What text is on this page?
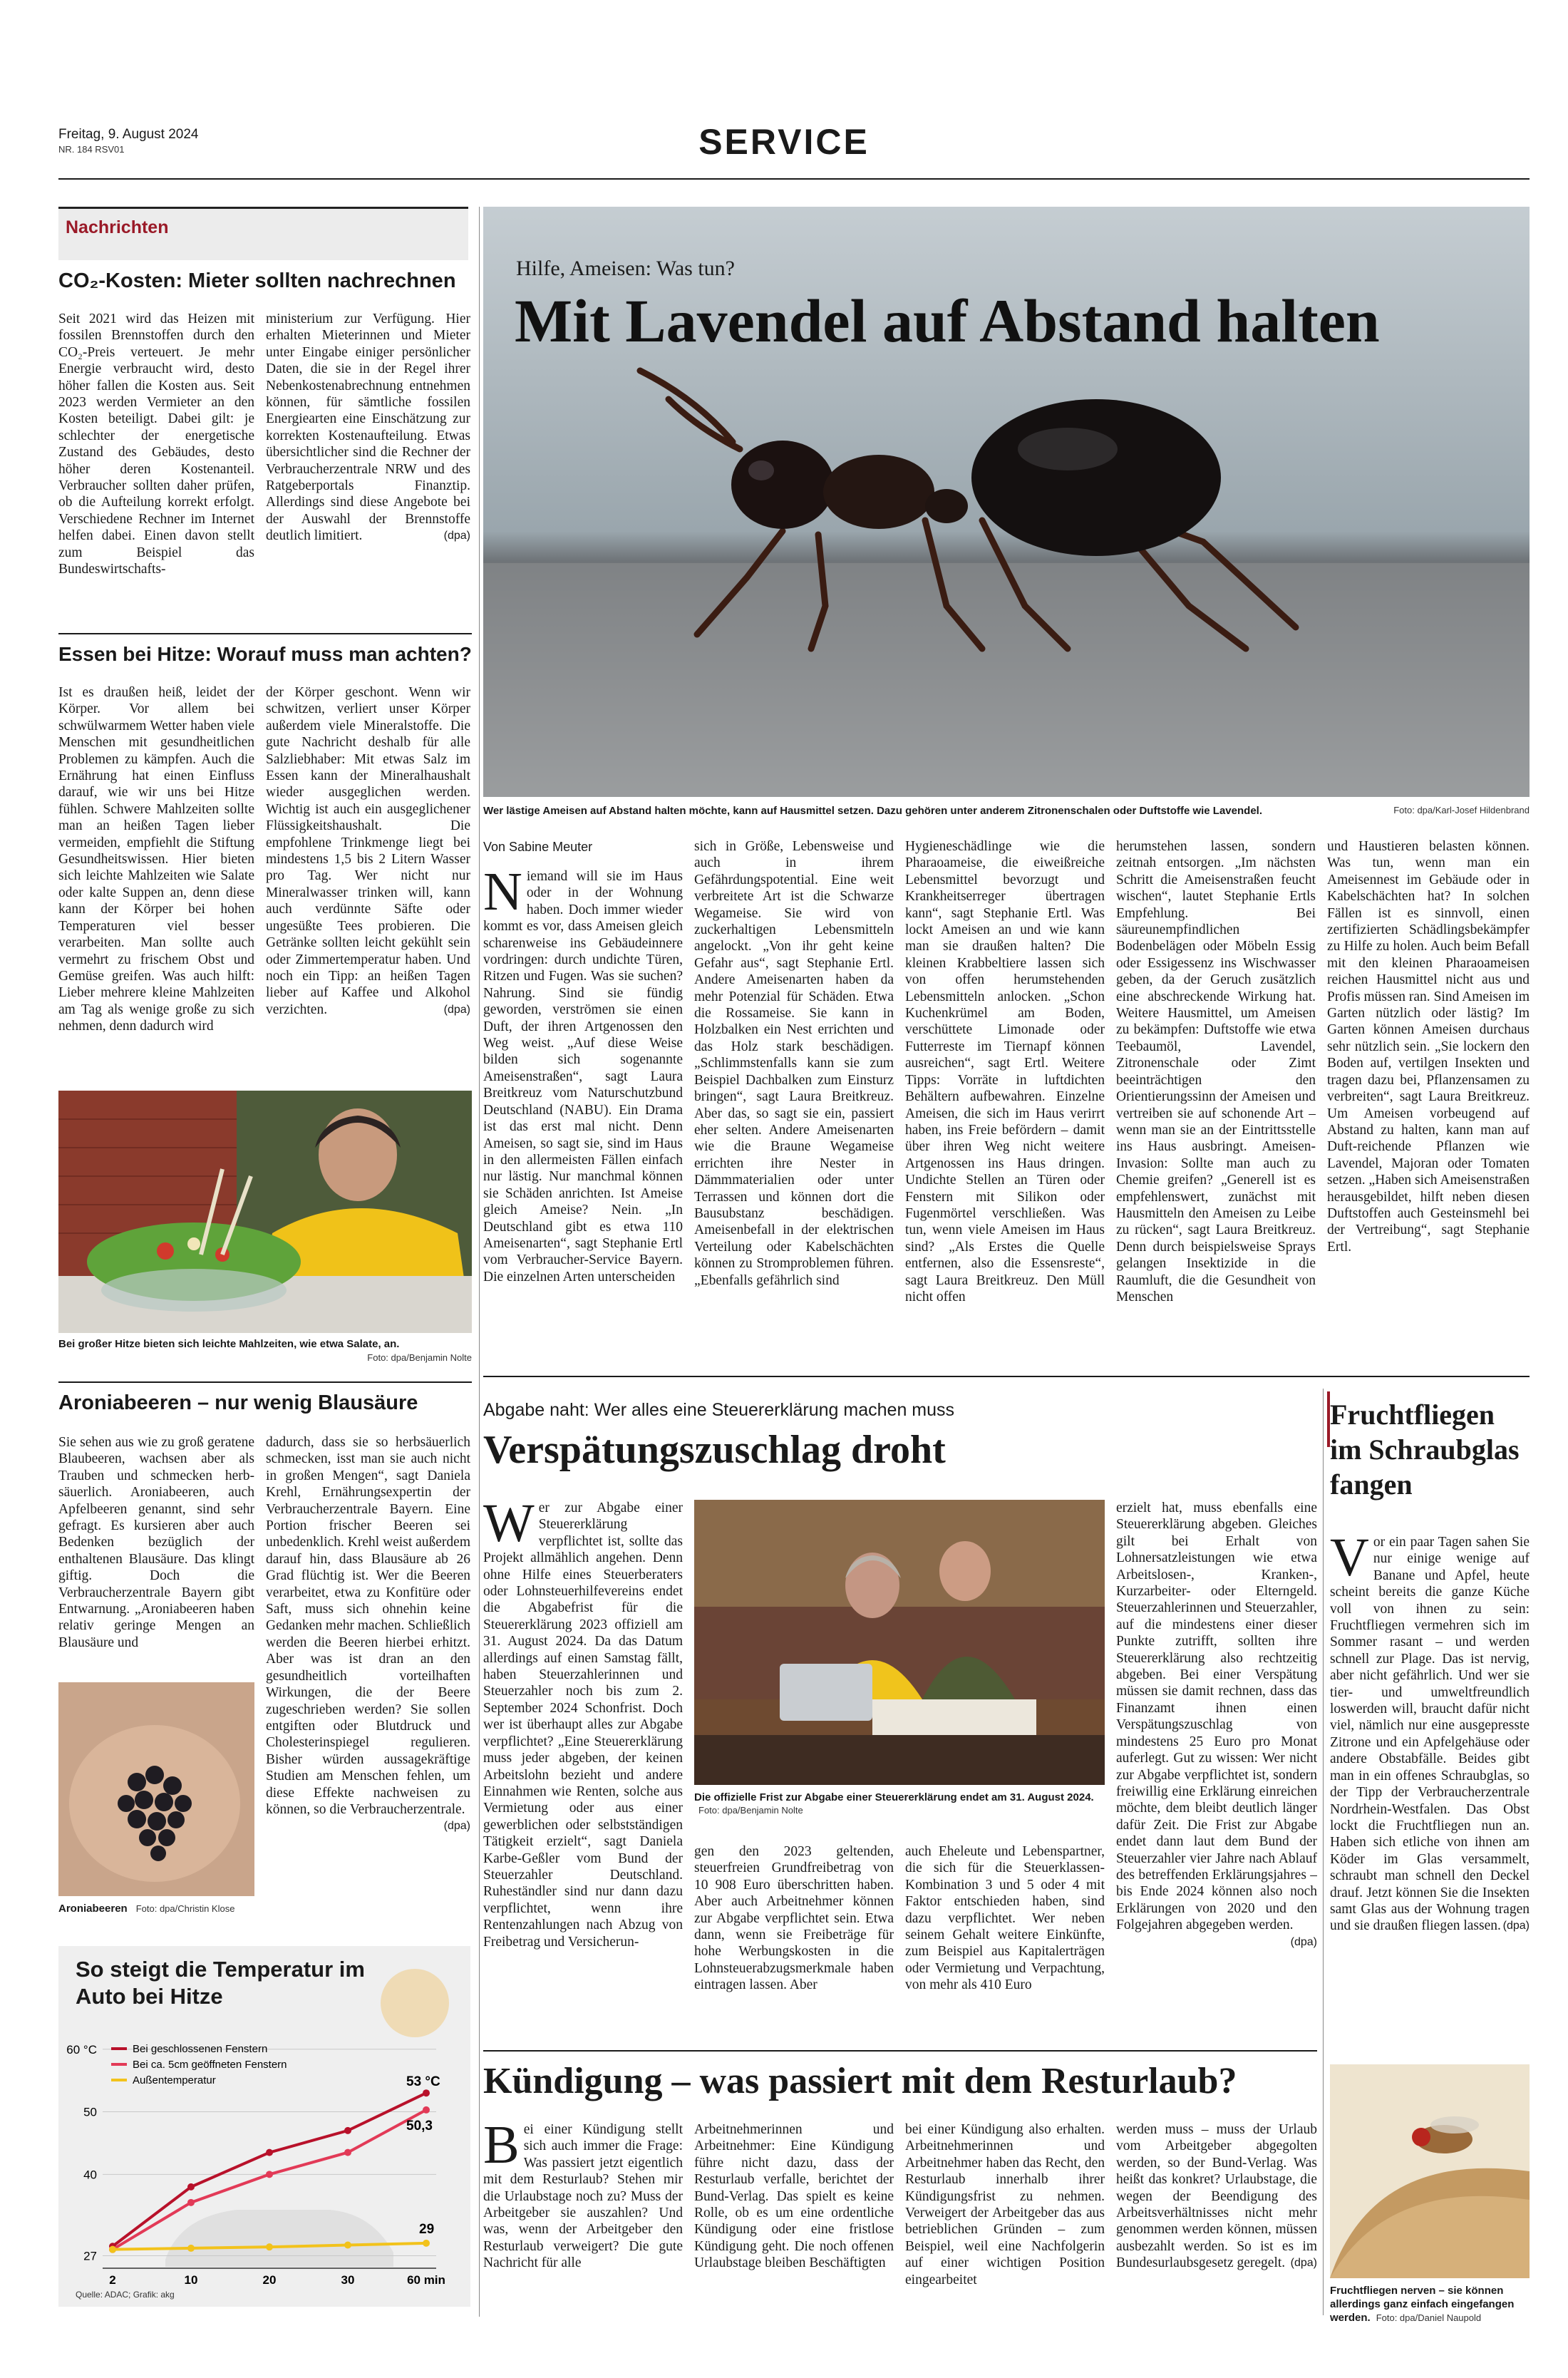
Freitag, 9. August 2024
NR. 184 RSV01	SERVICE
Nachrichten
CO₂-Kosten: Mieter sollten nachrechnen

Seit 2021 wird das Heizen mit fossilen Brennstoffen durch den CO₂-Preis verteuert. Je mehr Energie verbraucht wird, desto höher fallen die Kosten aus. Seit 2023 werden Vermieter an den Kosten beteiligt. Dabei gilt: je schlechter der energetische Zustand des Gebäudes, desto höher deren Kostenanteil. Verbraucher sollten daher prüfen, ob die Aufteilung korrekt erfolgt. Verschiedene Rechner im Internet helfen dabei. Einen davon stellt zum Beispiel das Bundeswirtschafts-

ministerium zur Verfügung. Hier erhalten Mieterinnen und Mieter unter Eingabe einiger persönlicher Daten, die sie in der Regel ihrer Nebenkostenabrechnung entnehmen können, für sämtliche fossilen Energiearten eine Einschätzung zur korrekten Kostenaufteilung. Etwas übersichtlicher sind die Rechner der Verbraucherzentrale NRW und des Ratgeberportals Finanztip. Allerdings sind diese Angebote bei der Auswahl der Brennstoffe deutlich limitiert.	(dpa)

Essen bei Hitze: Worauf muss man achten?

Ist es draußen heiß, leidet der Körper. Vor allem bei schwülwarmem Wetter haben viele Menschen mit gesundheitlichen Problemen zu kämpfen. Auch die Ernährung hat einen Einfluss darauf, wie wir uns bei Hitze fühlen. Schwere Mahlzeiten sollte man an heißen Tagen lieber vermeiden, empfiehlt die Stiftung Gesundheitswissen. Hier bieten sich leichte Mahlzeiten wie Salate oder kalte Suppen an, denn diese kann der Körper bei hohen Temperaturen viel besser verarbeiten. Man sollte auch vermehrt zu frischem Obst und Gemüse greifen. Was auch hilft: Lieber mehrere kleine Mahlzeiten am Tag als wenige große zu sich nehmen, denn dadurch wird

der Körper geschont. Wenn wir schwitzen, verliert unser Körper außerdem viele Mineralstoffe. Die gute Nachricht deshalb für alle Salzliebhaber: Mit etwas Salz im Essen kann der Mineralhaushalt wieder ausgeglichen werden. Wichtig ist auch ein ausgeglichener Flüssigkeitshaushalt. Die empfohlene Trinkmenge liegt bei mindestens 1,5 bis 2 Litern Wasser pro Tag. Wer nicht nur Mineralwasser trinken will, kann auch verdünnte Säfte oder ungesüßte Tees probieren. Die Getränke sollten leicht gekühlt sein oder Zimmertemperatur haben. Und noch ein Tipp: an heißen Tagen lieber auf Kaffee und Alkohol verzichten.	(dpa)

Bei großer Hitze bieten sich leichte Mahlzeiten, wie etwa Salate, an.
Foto: dpa/Benjamin Nolte
Aroniabeeren – nur wenig Blausäure

Sie sehen aus wie zu groß geratene Blaubeeren, wachsen aber als Trauben und schmecken herb-säuerlich. Aroniabeeren, auch Apfelbeeren genannt, sind sehr gefragt. Es kursieren aber auch Bedenken bezüglich der enthaltenen Blausäure. Das klingt giftig. Doch die Verbraucherzentrale Bayern gibt Entwarnung. „Aroniabeeren haben relativ geringe Mengen an Blausäure und

dadurch, dass sie so herbsäuerlich schmecken, isst man sie auch nicht in großen Mengen“, sagt Daniela Krehl, Ernährungsexpertin der Verbraucherzentrale Bayern. Eine Portion frischer Beeren sei unbedenklich. Krehl weist außerdem darauf hin, dass Blausäure ab 26 Grad flüchtig ist. Wer die Beeren verarbeitet, etwa zu Konfitüre oder Saft, muss sich ohnehin keine Gedanken mehr machen. Schließlich werden die Beeren hierbei erhitzt. Aber was ist dran an den gesundheitlich vorteilhaften Wirkungen, die der Beere zugeschrieben werden? Sie sollen entgiften oder Blutdruck und Cholesterinspiegel regulieren. Bisher würden aussagekräftige Studien am Menschen fehlen, um diese Effekte nachweisen zu können, so die Verbraucherzentrale.
(dpa)

Aroniabeeren Foto: dpa/Christin Klose
So steigt die Temperatur im Auto bei Hitze
27
40
50
60 °C
2	10	20	30	60 min
Bei geschlossenen Fenstern
Bei ca. 5cm geöffneten Fenstern
Außentemperatur	53 °C
50,3
29
Quelle: ADAC; Grafik: akg
Hilfe, Ameisen: Was tun?
Mit Lavendel auf Abstand halten
Wer lästige Ameisen auf Abstand halten möchte, kann auf Hausmittel setzen. Dazu gehören unter anderem Zitronenschalen oder Duftstoffe wie Lavendel.	Foto: dpa/Karl-Josef Hildenbrand
Von Sabine Meuter

Niemand will sie im Haus oder in der Wohnung haben. Doch immer wieder kommt es vor, dass Ameisen gleich scharenweise ins Gebäudeinnere vordringen: durch undichte Türen, Ritzen und Fugen. Was sie suchen? Nahrung. Sind sie fündig geworden, verströmen sie einen Duft, der ihren Artgenossen den Weg weist. „Auf diese Weise bilden sich sogenannte Ameisenstraßen“, sagt Laura Breitkreuz vom Naturschutzbund Deutschland (NABU). Ein Drama ist das erst mal nicht. Denn Ameisen, so sagt sie, sind im Haus in den allermeisten Fällen einfach nur lästig. Nur manchmal können sie Schäden anrichten. Ist Ameise gleich Ameise? Nein. „In Deutschland gibt es etwa 110 Ameisenarten“, sagt Stephanie Ertl vom Verbraucher-Service Bayern. Die einzelnen Arten unterscheiden

sich in Größe, Lebensweise und auch in ihrem Gefährdungspotential. Eine weit verbreitete Art ist die Schwarze Wegameise. Sie wird von zuckerhaltigen Lebensmitteln angelockt. „Von ihr geht keine Gefahr aus“, sagt Stephanie Ertl. Andere Ameisenarten haben da mehr Potenzial für Schäden. Etwa die Rossameise. Sie kann in Holzbalken ein Nest errichten und das Holz stark beschädigen. „Schlimmstenfalls kann sie zum Beispiel Dachbalken zum Einsturz bringen“, sagt Laura Breitkreuz. Aber das, so sagt sie ein, passiert eher selten. Andere Ameisenarten wie die Braune Wegameise errichten ihre Nester in Dämmmaterialien oder unter Terrassen und können dort die Bausubstanz beschädigen. Ameisenbefall in der elektrischen Verteilung oder Kabelschächten können zu Stromproblemen führen. „Ebenfalls gefährlich sind

Hygieneschädlinge wie die Pharaoameise, die eiweißreiche Lebensmittel bevorzugt und Krankheitserreger übertragen kann“, sagt Stephanie Ertl. Was lockt Ameisen an und wie kann man sie draußen halten? Die kleinen Krabbeltiere lassen sich von offen herumstehenden Lebensmitteln anlocken. „Schon Kuchenkrümel am Boden, verschüttete Limonade oder Futterreste im Tiernapf können ausreichen“, sagt Ertl. Weitere Tipps: Vorräte in luftdichten Behältern aufbewahren. Einzelne Ameisen, die sich im Haus verirrt haben, ins Freie befördern – damit über ihren Weg nicht weitere Artgenossen ins Haus dringen. Undichte Stellen an Türen oder Fenstern mit Silikon oder Fugenmörtel verschließen. Was tun, wenn viele Ameisen im Haus sind? „Als Erstes die Quelle entfernen, also die Essensreste“, sagt Laura Breitkreuz. Den Müll nicht offen

herumstehen lassen, sondern zeitnah entsorgen. „Im nächsten Schritt die Ameisenstraßen feucht wischen“, lautet Stephanie Ertls Empfehlung. Bei säureunempfindlichen Bodenbelägen oder Möbeln Essig oder Essigessenz ins Wischwasser geben, da der Geruch zusätzlich eine abschreckende Wirkung hat. Weitere Hausmittel, um Ameisen zu bekämpfen: Duftstoffe wie etwa Teebaumöl, Lavendel, Zitronenschale oder Zimt beeinträchtigen den Orientierungssinn der Ameisen und vertreiben sie auf schonende Art – wenn man sie an der Eintrittsstelle ins Haus ausbringt. Ameisen-Invasion: Sollte man auch zu Chemie greifen? „Generell ist es empfehlenswert, zunächst mit Hausmitteln den Ameisen zu Leibe zu rücken“, sagt Laura Breitkreuz. Denn durch beispielsweise Sprays gelangen Insektizide in die Raumluft, die die Gesundheit von Menschen

und Haustieren belasten können. Was tun, wenn man ein Ameisennest im Gebäude oder in Kabelschächten hat? In solchen Fällen ist es sinnvoll, einen zertifizierten Schädlingsbekämpfer zu Hilfe zu holen. Auch beim Befall mit den kleinen Pharaoameisen reichen Hausmittel nicht aus und Profis müssen ran. Sind Ameisen im Garten nützlich oder lästig? Im Garten können Ameisen durchaus sehr nützlich sein. „Sie lockern den Boden auf, vertilgen Insekten und tragen dazu bei, Pflanzensamen zu verbreiten“, sagt Laura Breitkreuz. Um Ameisen vorbeugend auf Abstand zu halten, kann man auf Duft-reichende Pflanzen wie Lavendel, Majoran oder Tomaten setzen. „Haben sich Ameisenstraßen herausgebildet, hilft neben diesen Duftstoffen auch Gesteinsmehl bei der Vertreibung“, sagt Stephanie Ertl.

Abgabe naht: Wer alles eine Steuererklärung machen muss
Verspätungszuschlag droht

Wer zur Abgabe einer Steuererklärung verpflichtet ist, sollte das Projekt allmählich angehen. Denn ohne Hilfe eines Steuerberaters oder Lohnsteuerhilfevereins endet die Abgabefrist für die Steuererklärung 2023 offiziell am 31. August 2024. Da das Datum allerdings auf einen Samstag fällt, haben Steuerzahlerinnen und Steuerzahler noch bis zum 2. September 2024 Schonfrist. Doch wer ist überhaupt alles zur Abgabe verpflichtet? „Eine Steuererklärung muss jeder abgeben, der keinen Arbeitslohn bezieht und andere Einnahmen wie Renten, solche aus Vermietung oder aus einer gewerblichen oder selbstständigen Tätigkeit erzielt“, sagt Daniela Karbe-Geßler vom Bund der Steuerzahler Deutschland. Ruheständler sind nur dann dazu verpflichtet, wenn ihre Rentenzahlungen nach Abzug von Freibetrag und Versicherun-

Die offizielle Frist zur Abgabe einer Steuererklärung endet am 31. August 2024. Foto: dpa/Benjamin Nolte

gen den 2023 geltenden, steuerfreien Grundfreibetrag von 10 908 Euro überschritten haben. Aber auch Arbeitnehmer können zur Abgabe verpflichtet sein. Etwa dann, wenn sie Freibeträge für hohe Werbungskosten in die Lohnsteuerabzugsmerkmale haben eintragen lassen. Aber

auch Eheleute und Lebenspartner, die sich für die Steuerklassen-Kombination 3 und 5 oder 4 mit Faktor entschieden haben, sind dazu verpflichtet. Wer neben seinem Gehalt weitere Einkünfte, zum Beispiel aus Kapitalerträgen oder Vermietung und Verpachtung, von mehr als 410 Euro

erzielt hat, muss ebenfalls eine Steuererklärung abgeben. Gleiches gilt bei Erhalt von Lohnersatzleistungen wie etwa Arbeitslosen-, Kranken-, Kurzarbeiter- oder Elterngeld. Steuerzahlerinnen und Steuerzahler, auf die mindestens einer dieser Punkte zutrifft, sollten ihre Steuererklärung also rechtzeitig abgeben. Bei einer Verspätung müssen sie damit rechnen, dass das Finanzamt ihnen einen Verspätungszuschlag von mindestens 25 Euro pro Monat auferlegt. Gut zu wissen: Wer nicht zur Abgabe verpflichtet ist, sondern freiwillig eine Erklärung einreichen möchte, dem bleibt deutlich länger dafür Zeit. Die Frist zur Abgabe endet dann laut dem Bund der Steuerzahler vier Jahre nach Ablauf des betreffenden Erklärungsjahres – bis Ende 2024 können also noch Erklärungen von 2020 und den Folgejahren abgegeben werden.
(dpa)

Kündigung – was passiert mit dem Resturlaub?

Bei einer Kündigung stellt sich auch immer die Frage: Was passiert jetzt eigentlich mit dem Resturlaub? Stehen mir die Urlaubstage noch zu? Muss der Arbeitgeber sie auszahlen? Und was, wenn der Arbeitgeber den Resturlaub verweigert? Die gute Nachricht für alle

Arbeitnehmerinnen und Arbeitnehmer: Eine Kündigung führe nicht dazu, dass der Resturlaub verfalle, berichtet der Bund-Verlag. Das spielt es keine Rolle, ob es um eine ordentliche Kündigung oder eine fristlose Kündigung geht. Die noch offenen Urlaubstage bleiben Beschäftigten

bei einer Kündigung also erhalten. Arbeitnehmerinnen und Arbeitnehmer haben das Recht, den Resturlaub innerhalb ihrer Kündigungsfrist zu nehmen. Verweigert der Arbeitgeber das aus betrieblichen Gründen – zum Beispiel, weil eine Nachfolgerin auf einer wichtigen Position eingearbeitet

werden muss – muss der Urlaub vom Arbeitgeber abgegolten werden, so der Bund-Verlag. Was heißt das konkret? Urlaubstage, die wegen der Beendigung des Arbeitsverhältnisses nicht mehr genommen werden können, müssen ausbezahlt werden. So ist es im Bundesurlaubsgesetz geregelt. (dpa)

Fruchtfliegen im Schraubglas fangen

Vor ein paar Tagen sahen Sie nur einige wenige auf Banane und Apfel, heute scheint bereits die ganze Küche voll von ihnen zu sein: Fruchtfliegen vermehren sich im Sommer rasant – und werden schnell zur Plage. Das ist nervig, aber nicht gefährlich. Und wer sie tier- und umweltfreundlich loswerden will, braucht dafür nicht viel, nämlich nur eine ausgepresste Zitrone und ein Apfelgehäuse oder andere Obstabfälle. Beides gibt man in ein offenes Schraubglas, so der Tipp der Verbraucherzentrale Nordrhein-Westfalen. Das Obst lockt die Fruchtfliegen nun an. Haben sich etliche von ihnen am Köder im Glas versammelt, schraubt man schnell den Deckel drauf. Jetzt können Sie die Insekten samt Glas aus der Wohnung tragen und sie draußen fliegen lassen. (dpa)

Fruchtfliegen nerven – sie können allerdings ganz einfach eingefangen werden. Foto: dpa/Daniel Naupold
